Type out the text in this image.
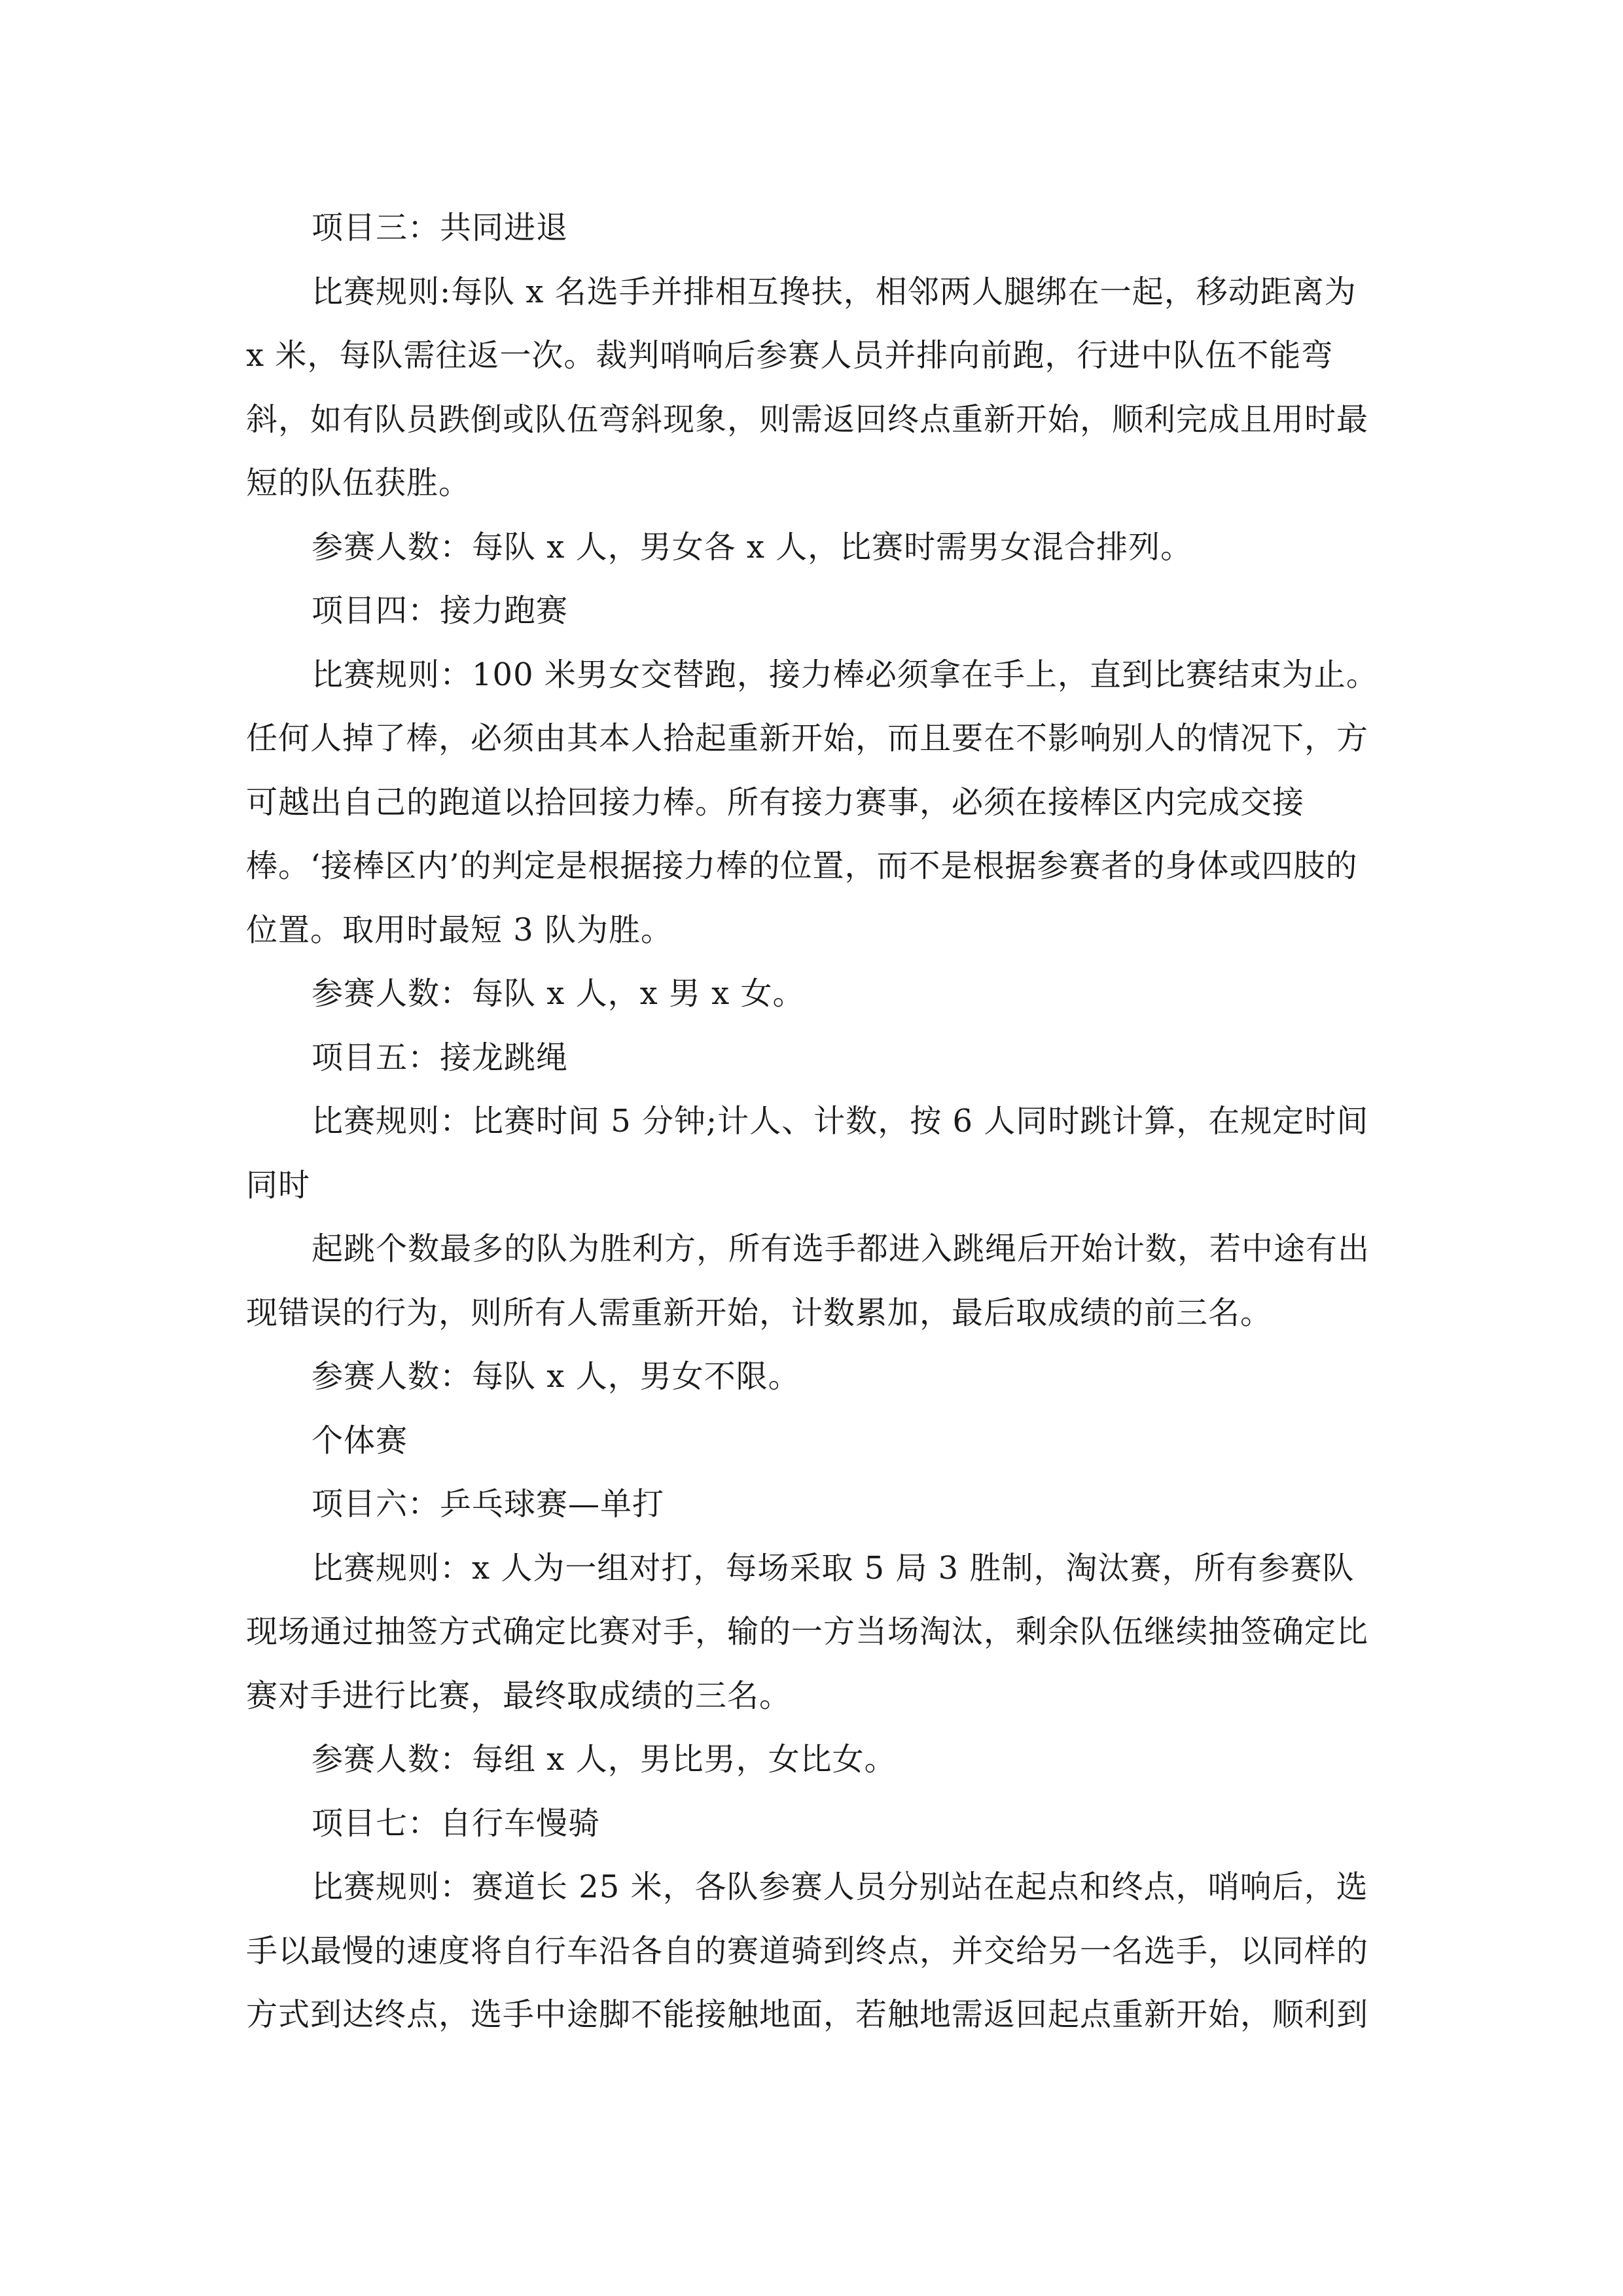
项目三：共同进退

比赛规则:每队 x 名选手并排相互搀扶，相邻两人腿绑在一起，移动距离为 x 米，每队需往返一次。裁判哨响后参赛人员并排向前跑，行进中队伍不能弯斜，如有队员跌倒或队伍弯斜现象，则需返回终点重新开始，顺利完成且用时最短的队伍获胜。

参赛人数：每队 x 人，男女各 x 人，比赛时需男女混合排列。

项目四：接力跑赛

比赛规则：100 米男女交替跑，接力棒必须拿在手上，直到比赛结束为止。任何人掉了棒，必须由其本人拾起重新开始，而且要在不影响别人的情况下，方可越出自己的跑道以拾回接力棒。所有接力赛事，必须在接棒区内完成交接棒。‘接棒区内’的判定是根据接力棒的位置，而不是根据参赛者的身体或四肢的位置。取用时最短 3 队为胜。

参赛人数：每队 x 人，x 男 x 女。

项目五：接龙跳绳

比赛规则：比赛时间 5 分钟;计人、计数，按 6 人同时跳计算，在规定时间同时

起跳个数最多的队为胜利方，所有选手都进入跳绳后开始计数，若中途有出现错误的行为，则所有人需重新开始，计数累加，最后取成绩的前三名。

参赛人数：每队 x 人，男女不限。

个体赛

项目六：乒乓球赛—单打

比赛规则：x 人为一组对打，每场采取 5 局 3 胜制，淘汰赛，所有参赛队现场通过抽签方式确定比赛对手，输的一方当场淘汰，剩余队伍继续抽签确定比赛对手进行比赛，最终取成绩的三名。

参赛人数：每组 x 人，男比男，女比女。

项目七：自行车慢骑

比赛规则：赛道长 25 米，各队参赛人员分别站在起点和终点，哨响后，选手以最慢的速度将自行车沿各自的赛道骑到终点，并交给另一名选手，以同样的方式到达终点，选手中途脚不能接触地面，若触地需返回起点重新开始，顺利到
